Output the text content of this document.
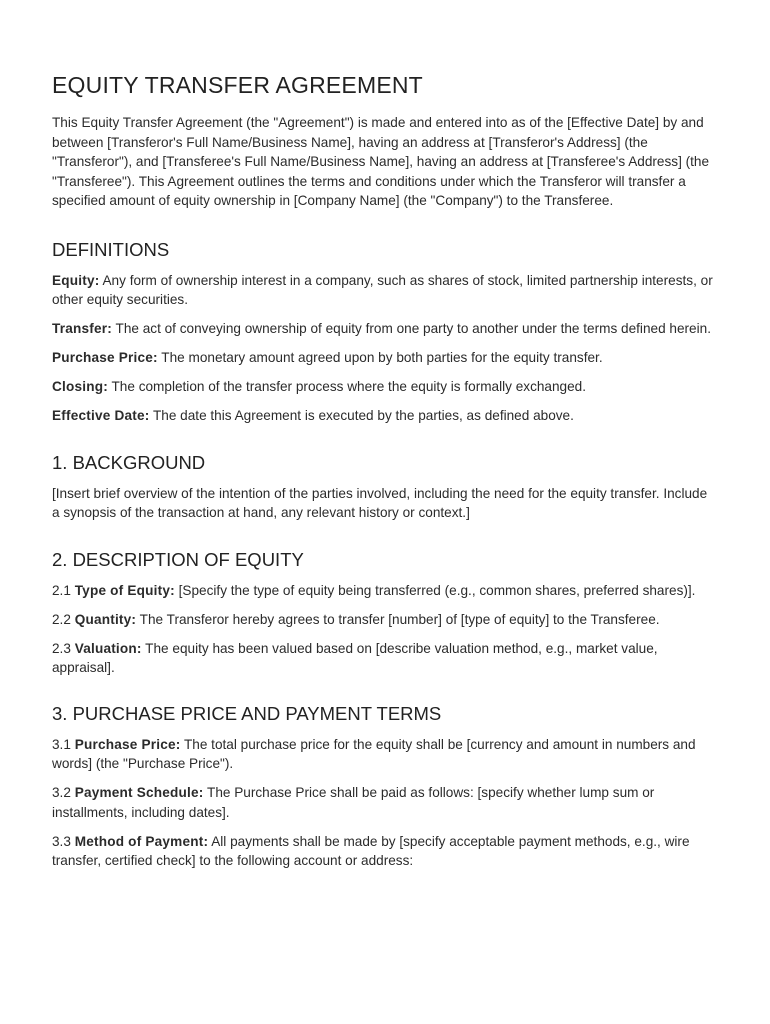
EQUITY TRANSFER AGREEMENT

This Equity Transfer Agreement (the "Agreement") is made and entered into as of the [Effective Date] by and between [Transferor's Full Name/Business Name], having an address at [Transferor's Address] (the "Transferor"), and [Transferee's Full Name/Business Name], having an address at [Transferee's Address] (the "Transferee"). This Agreement outlines the terms and conditions under which the Transferor will transfer a specified amount of equity ownership in [Company Name] (the "Company") to the Transferee.

DEFINITIONS

Equity: Any form of ownership interest in a company, such as shares of stock, limited partnership interests, or other equity securities.

Transfer: The act of conveying ownership of equity from one party to another under the terms defined herein.

Purchase Price: The monetary amount agreed upon by both parties for the equity transfer.

Closing: The completion of the transfer process where the equity is formally exchanged.

Effective Date: The date this Agreement is executed by the parties, as defined above.

1. BACKGROUND

[Insert brief overview of the intention of the parties involved, including the need for the equity transfer. Include a synopsis of the transaction at hand, any relevant history or context.]

2. DESCRIPTION OF EQUITY

2.1 Type of Equity: [Specify the type of equity being transferred (e.g., common shares, preferred shares)].

2.2 Quantity: The Transferor hereby agrees to transfer [number] of [type of equity] to the Transferee.

2.3 Valuation: The equity has been valued based on [describe valuation method, e.g., market value, appraisal].

3. PURCHASE PRICE AND PAYMENT TERMS

3.1 Purchase Price: The total purchase price for the equity shall be [currency and amount in numbers and words] (the "Purchase Price").

3.2 Payment Schedule: The Purchase Price shall be paid as follows: [specify whether lump sum or installments, including dates].

3.3 Method of Payment: All payments shall be made by [specify acceptable payment methods, e.g., wire transfer, certified check] to the following account or address:
